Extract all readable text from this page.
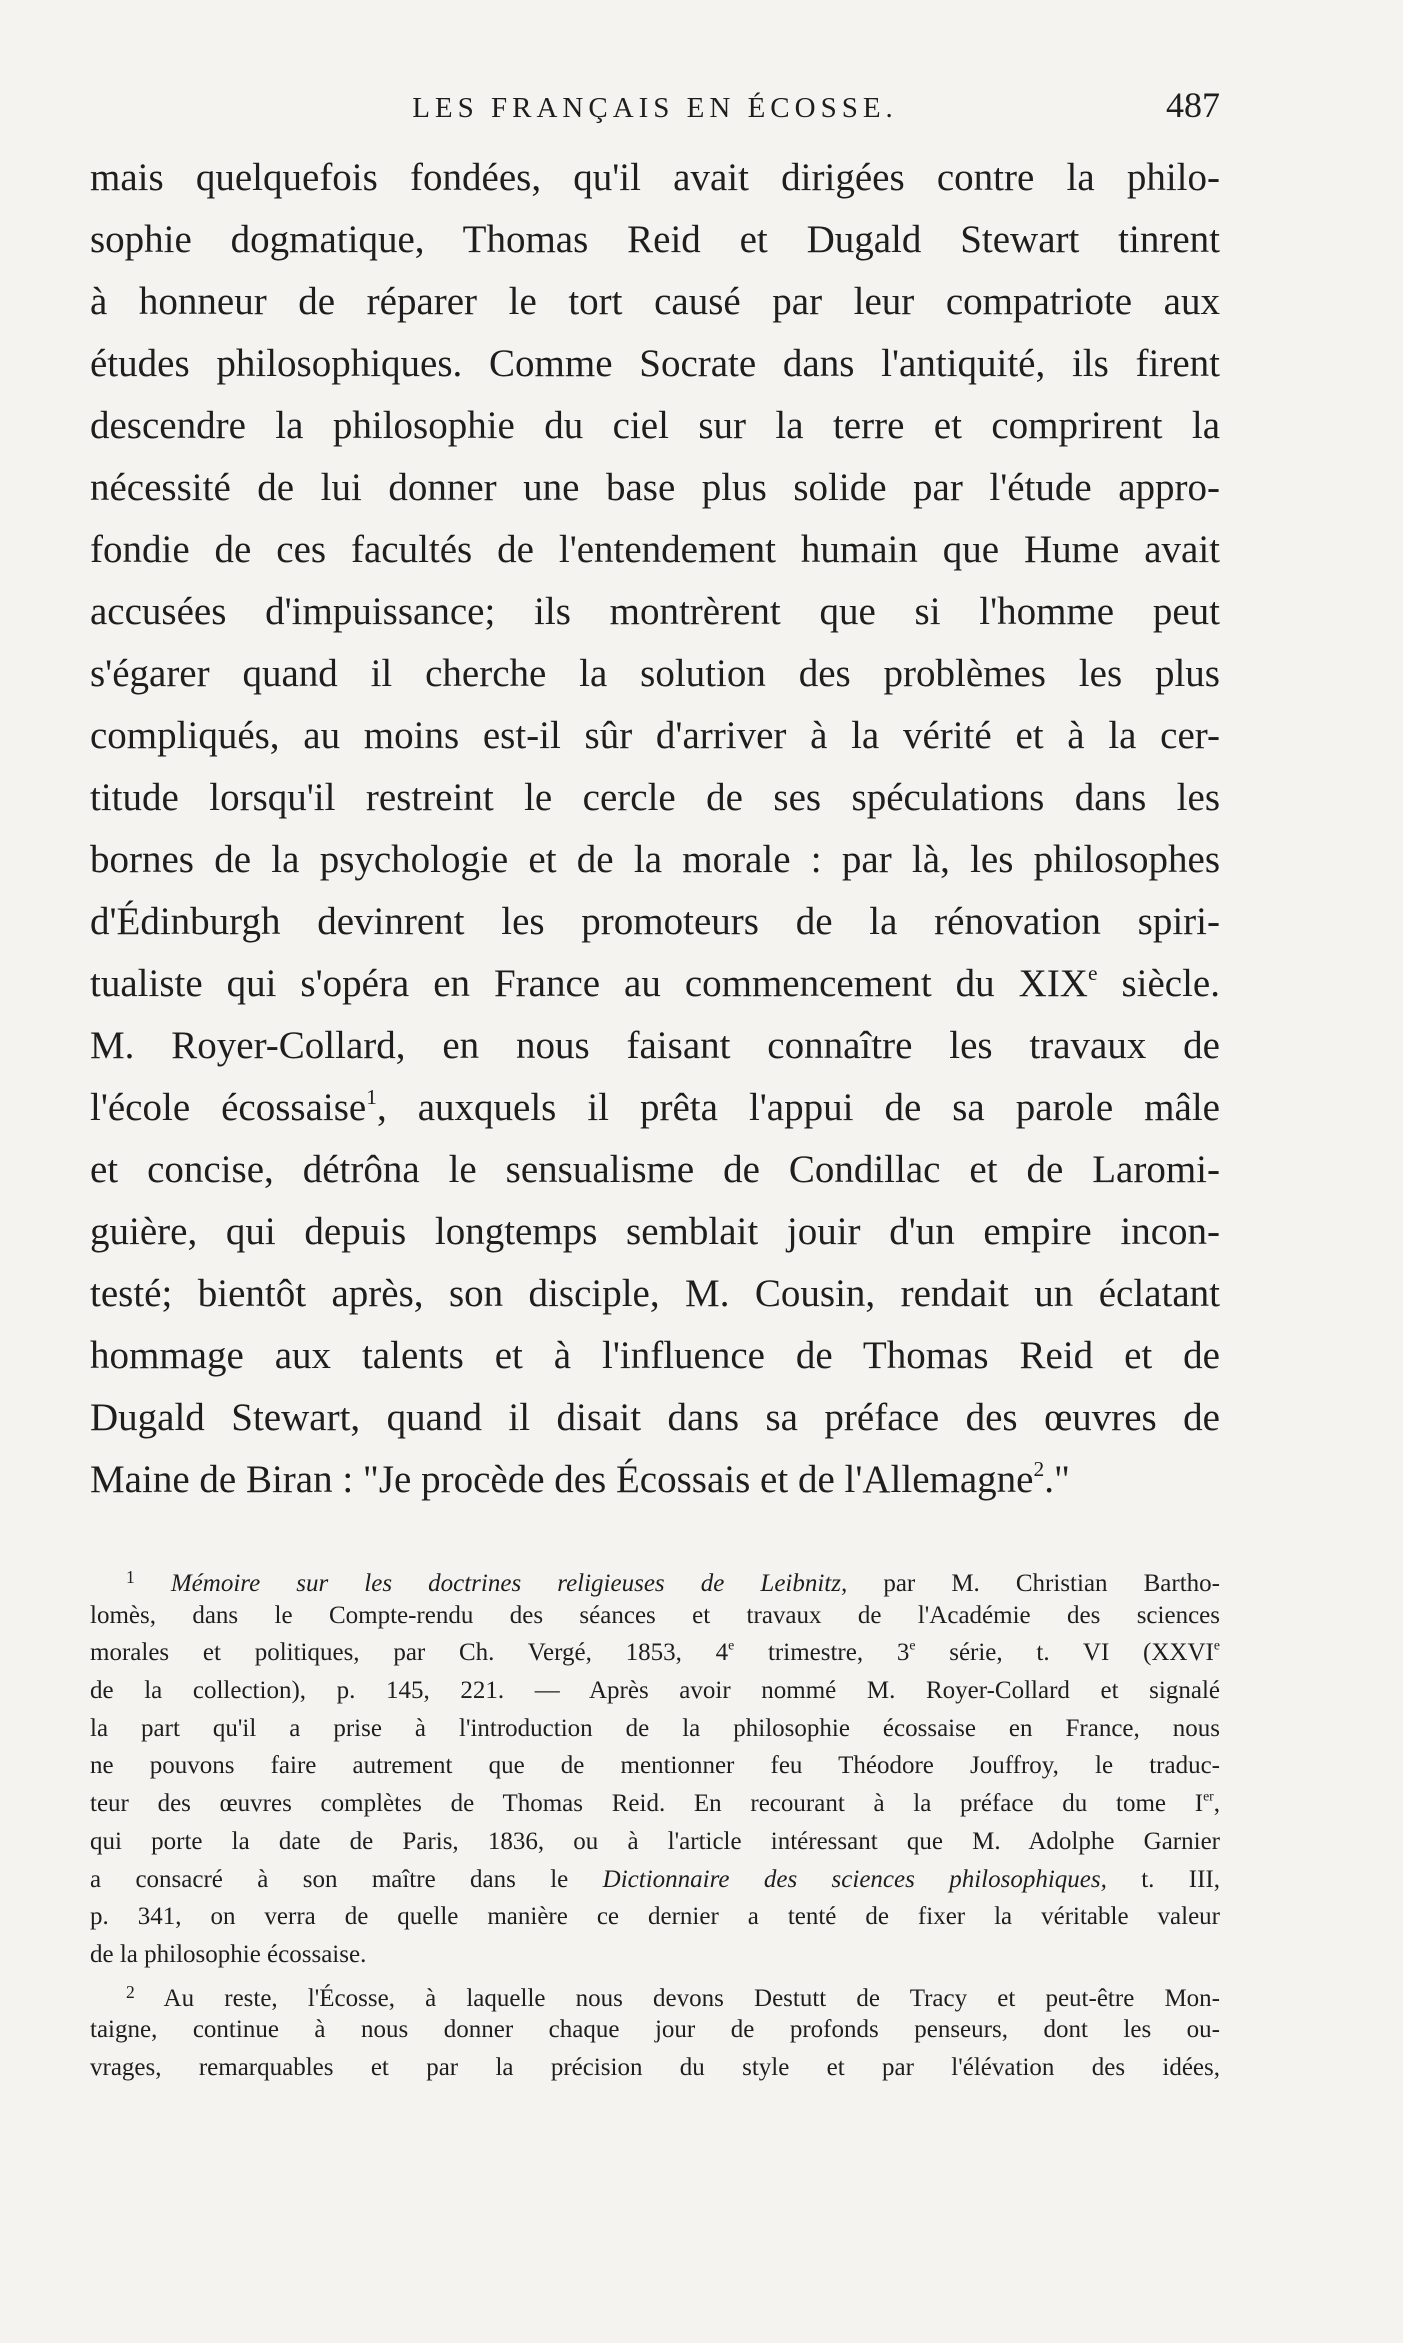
LES FRANÇAIS EN ÉCOSSE.	487
mais quelquefois fondées, qu'il avait dirigées contre la philo-
sophie dogmatique, Thomas Reid et Dugald Stewart tinrent
à honneur de réparer le tort causé par leur compatriote aux
études philosophiques. Comme Socrate dans l'antiquité, ils firent
descendre la philosophie du ciel sur la terre et comprirent la
nécessité de lui donner une base plus solide par l'étude appro-
fondie de ces facultés de l'entendement humain que Hume avait
accusées d'impuissance; ils montrèrent que si l'homme peut
s'égarer quand il cherche la solution des problèmes les plus
compliqués, au moins est-il sûr d'arriver à la vérité et à la cer-
titude lorsqu'il restreint le cercle de ses spéculations dans les
bornes de la psychologie et de la morale : par là, les philosophes
d'Édinburgh devinrent les promoteurs de la rénovation spiri-
tualiste qui s'opéra en France au commencement du XIXe siècle.
M. Royer-Collard, en nous faisant connaître les travaux de
l'école écossaise$^1$, auxquels il prêta l'appui de sa parole mâle
et concise, détrôna le sensualisme de Condillac et de Laromi-
guière, qui depuis longtemps semblait jouir d'un empire incon-
testé; bientôt après, son disciple, M. Cousin, rendait un éclatant
hommage aux talents et à l'influence de Thomas Reid et de
Dugald Stewart, quand il disait dans sa préface des œuvres de
Maine de Biran : "Je procède des Écossais et de l'Allemagne$^2$."
$^1$ Mémoire sur les doctrines religieuses de Leibnitz, par M. Christian Bartho-
lomès, dans le Compte-rendu des séances et travaux de l'Académie des sciences
morales et politiques, par Ch. Vergé, 1853, 4e trimestre, 3e série, t. VI (XXVIe
de la collection), p. 145, 221. — Après avoir nommé M. Royer-Collard et signalé
la part qu'il a prise à l'introduction de la philosophie écossaise en France, nous
ne pouvons faire autrement que de mentionner feu Théodore Jouffroy, le traduc-
teur des œuvres complètes de Thomas Reid. En recourant à la préface du tome Ier,
qui porte la date de Paris, 1836, ou à l'article intéressant que M. Adolphe Garnier
a consacré à son maître dans le Dictionnaire des sciences philosophiques, t. III,
p. 341, on verra de quelle manière ce dernier a tenté de fixer la véritable valeur
de la philosophie écossaise.
$^2$ Au reste, l'Écosse, à laquelle nous devons Destutt de Tracy et peut-être Mon-
taigne, continue à nous donner chaque jour de profonds penseurs, dont les ou-
vrages, remarquables et par la précision du style et par l'élévation des idées,
